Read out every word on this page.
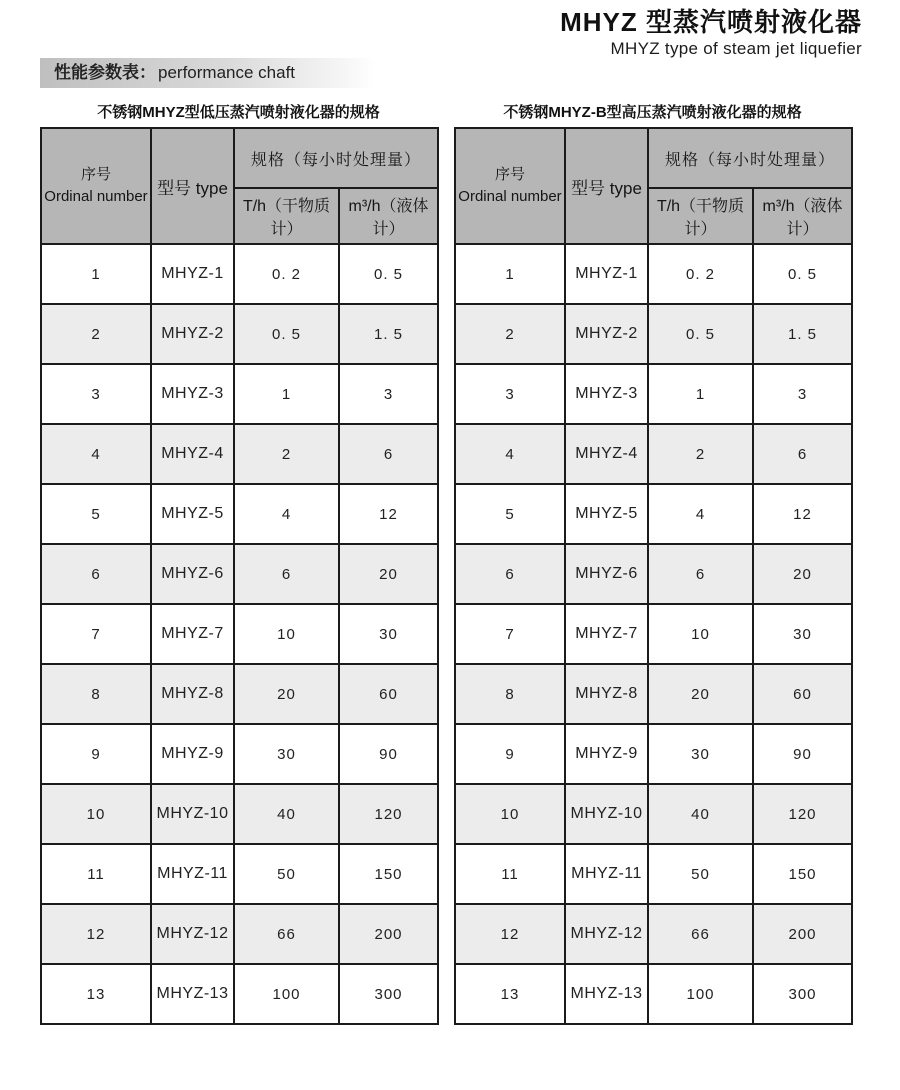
MHYZ 型蒸汽喷射液化器
MHYZ type of steam jet liquefier
性能参数表： performance chaft
不锈钢MHYZ型低压蒸汽喷射液化器的规格
序号
Ordinal number	型号 type	规格（每小时处理量）	
		T/h（干物质计）	m³/h（液体计）
1	MHYZ-1	0. 2	0. 5
2	MHYZ-2	0. 5	1. 5
3	MHYZ-3	1	3
4	MHYZ-4	2	6
5	MHYZ-5	4	12
6	MHYZ-6	6	20
7	MHYZ-7	10	30
8	MHYZ-8	20	60
9	MHYZ-9	30	90
10	MHYZ-10	40	120
11	MHYZ-11	50	150
12	MHYZ-12	66	200
13	MHYZ-13	100	300
不锈钢MHYZ-B型高压蒸汽喷射液化器的规格
序号
Ordinal number	型号 type	规格（每小时处理量）	
		T/h（干物质计）	m³/h（液体计）
1	MHYZ-1	0. 2	0. 5
2	MHYZ-2	0. 5	1. 5
3	MHYZ-3	1	3
4	MHYZ-4	2	6
5	MHYZ-5	4	12
6	MHYZ-6	6	20
7	MHYZ-7	10	30
8	MHYZ-8	20	60
9	MHYZ-9	30	90
10	MHYZ-10	40	120
11	MHYZ-11	50	150
12	MHYZ-12	66	200
13	MHYZ-13	100	300
